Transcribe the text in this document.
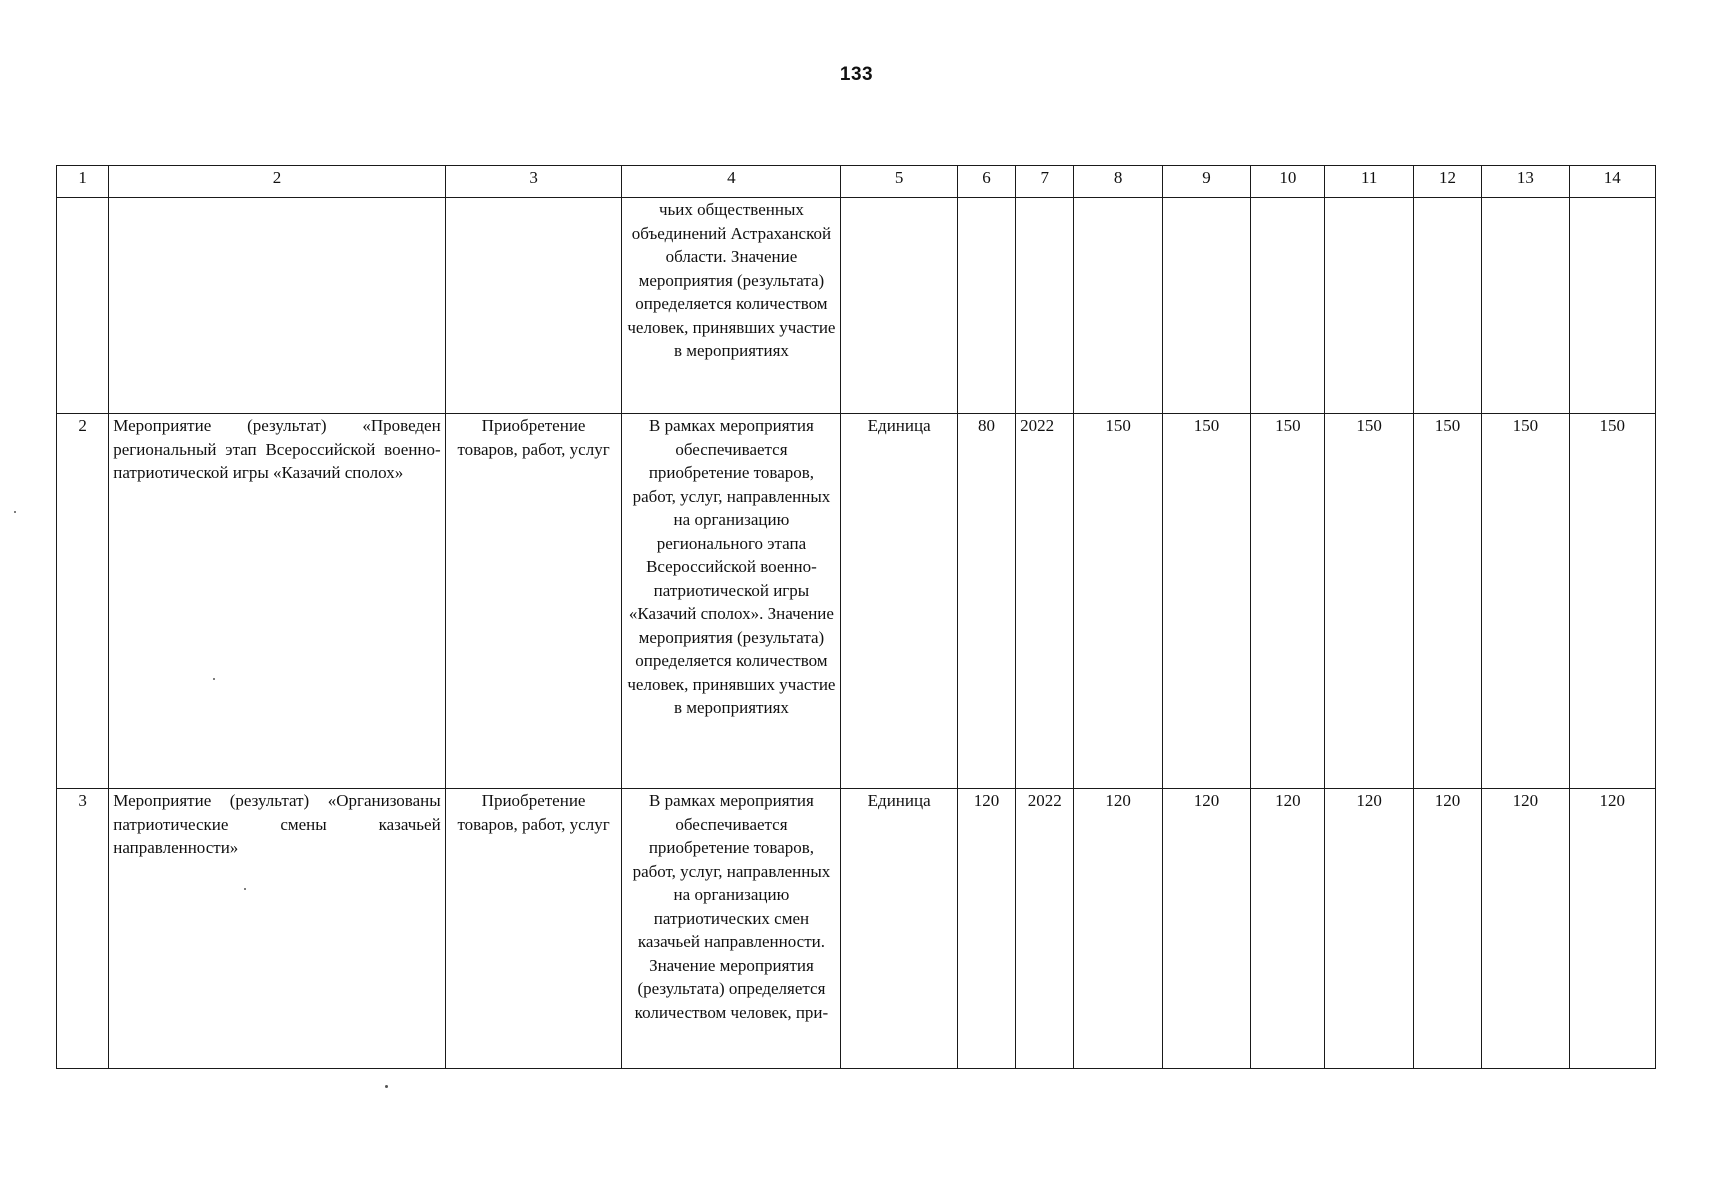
133
1	2	3	4	5	6	7	8	9	10	11	12	13	14
			чьих общественных объединений Астраханской области. Значение мероприятия (результата) определяется количеством человек, принявших участие в мероприятиях										
2	Мероприятие (результат) «Проведен региональный этап Всероссийской военно-патриотической игры «Казачий сполох»	Приобретение товаров, работ, услуг	В рамках мероприятия обеспечивается приобретение товаров, работ, услуг, направленных на организацию регионального этапа Всероссийской военно-патриотической игры «Казачий сполох». Значение мероприятия (результата) определяется количеством человек, принявших участие в мероприятиях	Единица	80	2022	150	150	150	150	150	150	150
3	Мероприятие (результат) «Организованы патриотические смены казачьей направленности»	Приобретение товаров, работ, услуг	В рамках мероприятия обеспечивается приобретение товаров, работ, услуг, направленных на организацию патриотических смен казачьей направленности. Значение мероприятия (результата) определяется количеством человек, при-	Единица	120	2022	120	120	120	120	120	120	120
